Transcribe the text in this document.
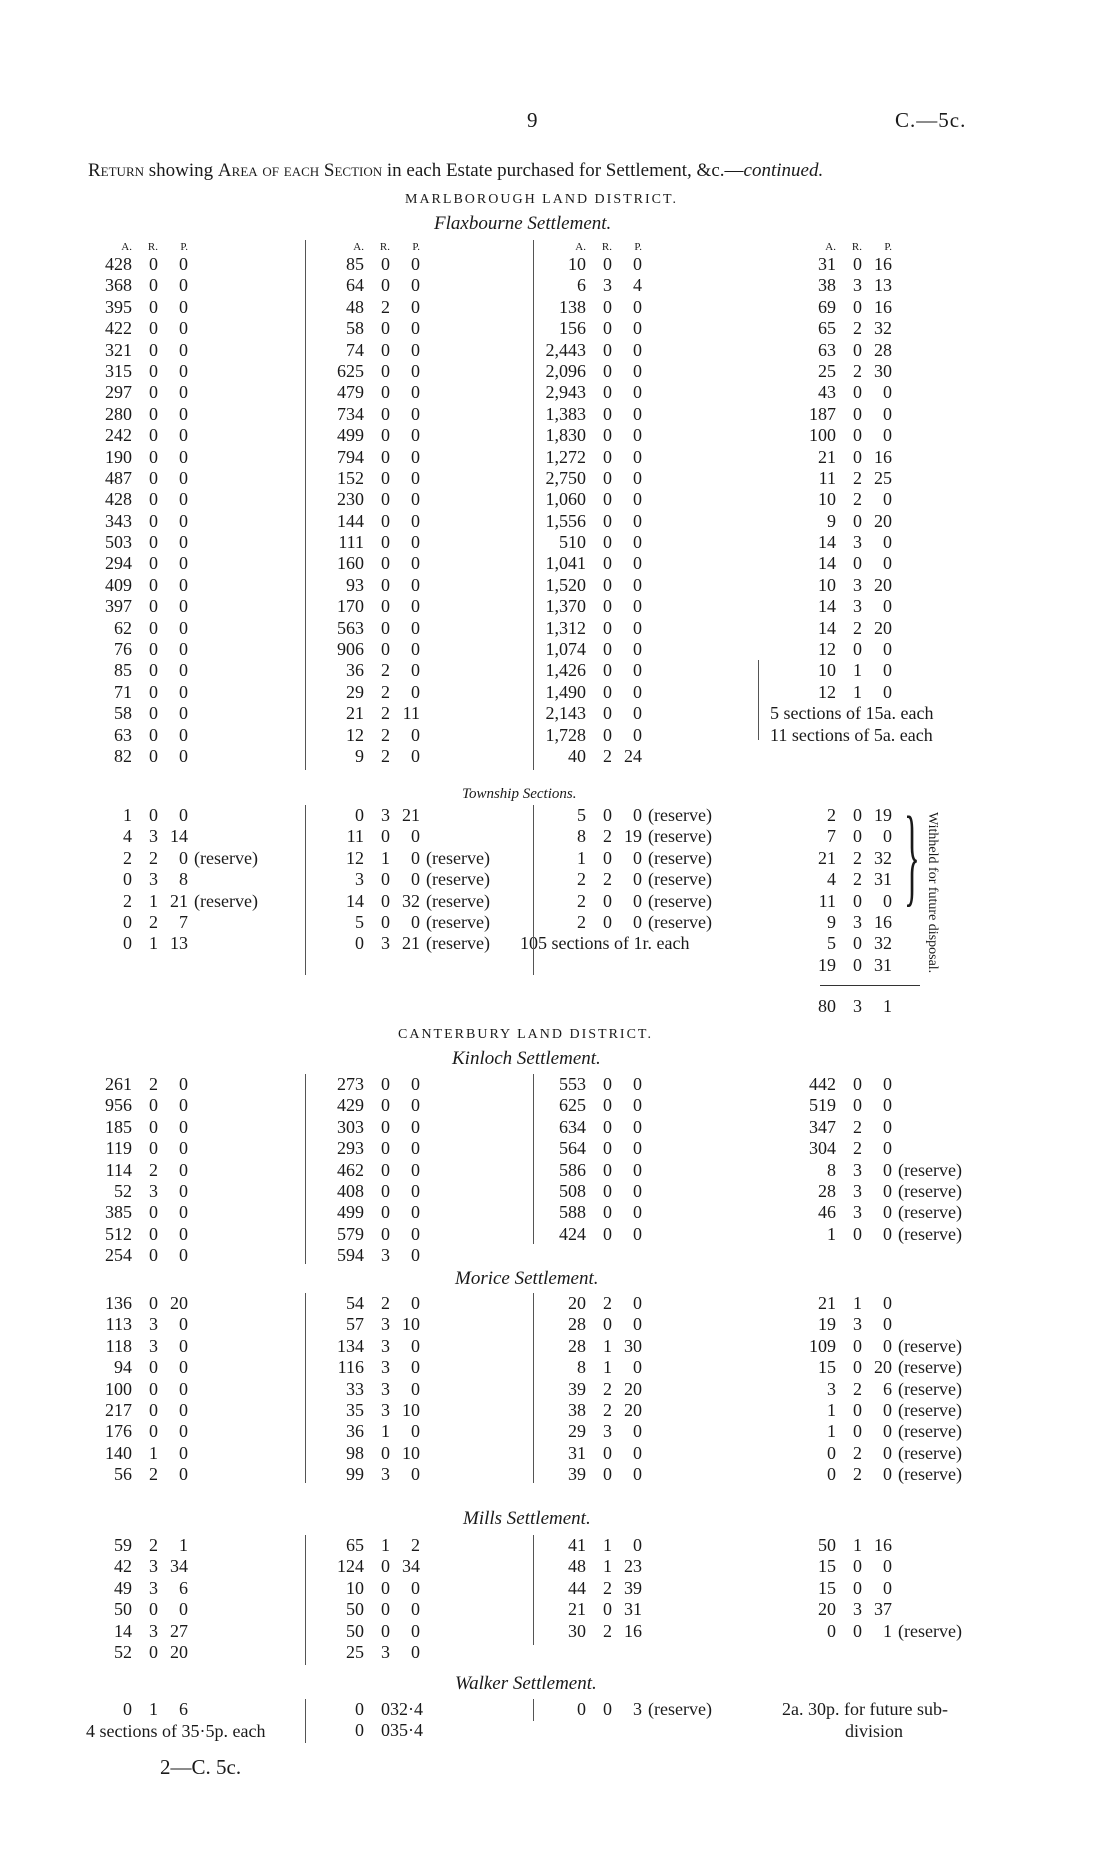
9	C.—5c.
Return showing Area of each Section in each Estate purchased for Settlement, &c.—continued.
MARLBOROUGH LAND DISTRICT.
Flaxbourne Settlement.
A. R. P.
428 0 0
368 0 0
395 0 0
422 0 0
321 0 0
315 0 0
297 0 0
280 0 0
242 0 0
190 0 0
487 0 0
428 0 0
343 0 0
503 0 0
294 0 0
409 0 0
397 0 0
62 0 0
76 0 0
85 0 0
71 0 0
58 0 0
63 0 0
82 0 0
A. R. P.
85 0 0
64 0 0
48 2 0
58 0 0
74 0 0
625 0 0
479 0 0
734 0 0
499 0 0
794 0 0
152 0 0
230 0 0
144 0 0
111 0 0
160 0 0
93 0 0
170 0 0
563 0 0
906 0 0
36 2 0
29 2 0
21 2 11
12 2 0
9 2 0
A. R. P.
10 0 0
6 3 4
138 0 0
156 0 0
2,443 0 0
2,096 0 0
2,943 0 0
1,383 0 0
1,830 0 0
1,272 0 0
2,750 0 0
1,060 0 0
1,556 0 0
510 0 0
1,041 0 0
1,520 0 0
1,370 0 0
1,312 0 0
1,074 0 0
1,426 0 0
1,490 0 0
2,143 0 0
1,728 0 0
40 2 24
A. R. P.
31 0 16
38 3 13
69 0 16
65 2 32
63 0 28
25 2 30
43 0 0
187 0 0
100 0 0
21 0 16
11 2 25
10 2 0
9 0 20
14 3 0
14 0 0
10 3 20
14 3 0
14 2 20
12 0 0
10 1 0
12 1 0
5 sections of 15a. each
11 sections of 5a. each
Township Sections.
1 0 0
4 3 14
2 2 0 (reserve)
0 3 8
2 1 21 (reserve)
0 2 7
0 1 13
0 3 21
11 0 0
12 1 0 (reserve)
3 0 0 (reserve)
14 0 32 (reserve)
5 0 0 (reserve)
0 3 21 (reserve)
5 0 0 (reserve)
8 2 19 (reserve)
1 0 0 (reserve)
2 2 0 (reserve)
2 0 0 (reserve)
2 0 0 (reserve)
105 sections of 1r. each
2 0 19
7 0 0
21 2 32
4 2 31
11 0 0
9 3 16
5 0 32
19 0 31
} Withheld for future disposal.
80 3 1
CANTERBURY LAND DISTRICT.
Kinloch Settlement.
261 2 0
956 0 0
185 0 0
119 0 0
114 2 0
52 3 0
385 0 0
512 0 0
254 0 0
273 0 0
429 0 0
303 0 0
293 0 0
462 0 0
408 0 0
499 0 0
579 0 0
594 3 0
553 0 0
625 0 0
634 0 0
564 0 0
586 0 0
508 0 0
588 0 0
424 0 0
442 0 0
519 0 0
347 2 0
304 2 0
8 3 0 (reserve)
28 3 0 (reserve)
46 3 0 (reserve)
1 0 0 (reserve)
Morice Settlement.
136 0 20
113 3 0
118 3 0
94 0 0
100 0 0
217 0 0
176 0 0
140 1 0
56 2 0
54 2 0
57 3 10
134 3 0
116 3 0
33 3 0
35 3 10
36 1 0
98 0 10
99 3 0
20 2 0
28 0 0
28 1 30
8 1 0
39 2 20
38 2 20
29 3 0
31 0 0
39 0 0
21 1 0
19 3 0
109 0 0 (reserve)
15 0 20 (reserve)
3 2 6 (reserve)
1 0 0 (reserve)
1 0 0 (reserve)
0 2 0 (reserve)
0 2 0 (reserve)
Mills Settlement.
59 2 1
42 3 34
49 3 6
50 0 0
14 3 27
52 0 20
65 1 2
124 0 34
10 0 0
50 0 0
50 0 0
25 3 0
41 1 0
48 1 23
44 2 39
21 0 31
30 2 16
50 1 16
15 0 0
15 0 0
20 3 37
0 0 1 (reserve)
Walker Settlement.
0 1 6
4 sections of 35·5p. each
0 032·4
0 035·4
0 0 3 (reserve)	2a. 30p. for future sub-
division
2—C. 5c.
